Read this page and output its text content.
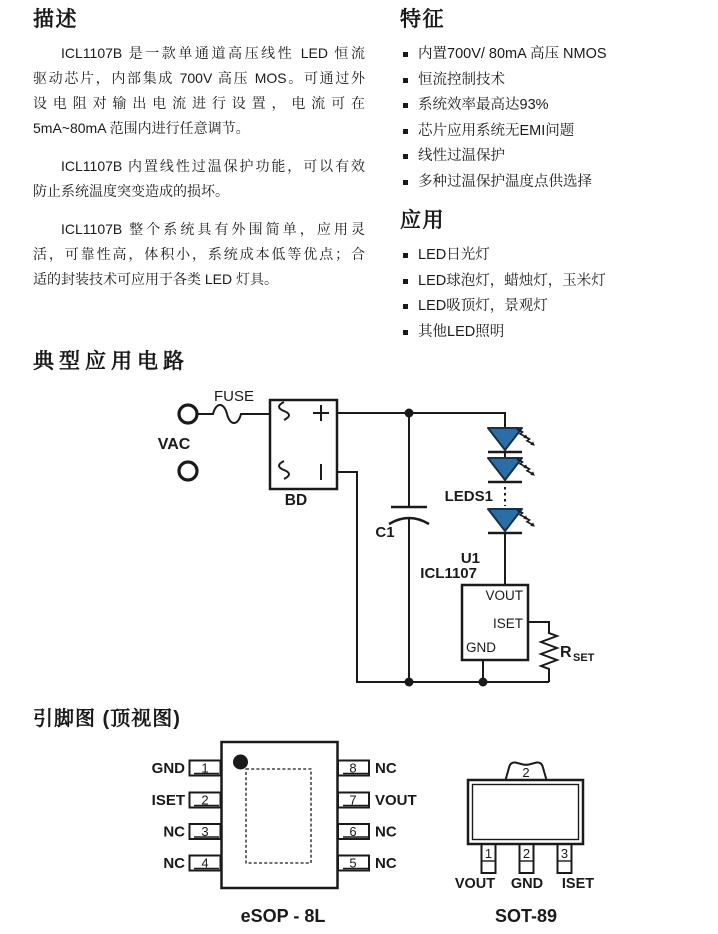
描述
ICL1107B 是一款单通道高压线性 LED 恒流
驱动芯片，内部集成 700V 高压 MOS。可通过外
设电阻对输出电流进行设置，电流可在
5mA~80mA 范围内进行任意调节。
ICL1107B 内置线性过温保护功能，可以有效
防止系统温度突变造成的损坏。
ICL1107B 整个系统具有外围简单，应用灵
活，可靠性高，体积小，系统成本低等优点；合
适的封装技术可应用于各类 LED 灯具。
特征
内置700V/ 80mA 高压 NMOS
恒流控制技术
系统效率最高达93%
芯片应用系统无EMI问题
线性过温保护
多种过温保护温度点供选择
应用
LED日光灯
LED球泡灯，蜡烛灯，玉米灯
LED吸顶灯，景观灯
其他LED照明
典型应用电路
VAC
FUSE
BD
C1
LEDS1
VOUT
ISET
GND
U1
ICL1107
R SET
引脚图 (顶视图)
1
2
3
4
GND
ISET
NC
NC
8
7
6
5
NC
VOUT
NC
NC
2
1 2 3
VOUT GND ISET
eSOP - 8L	SOT-89
